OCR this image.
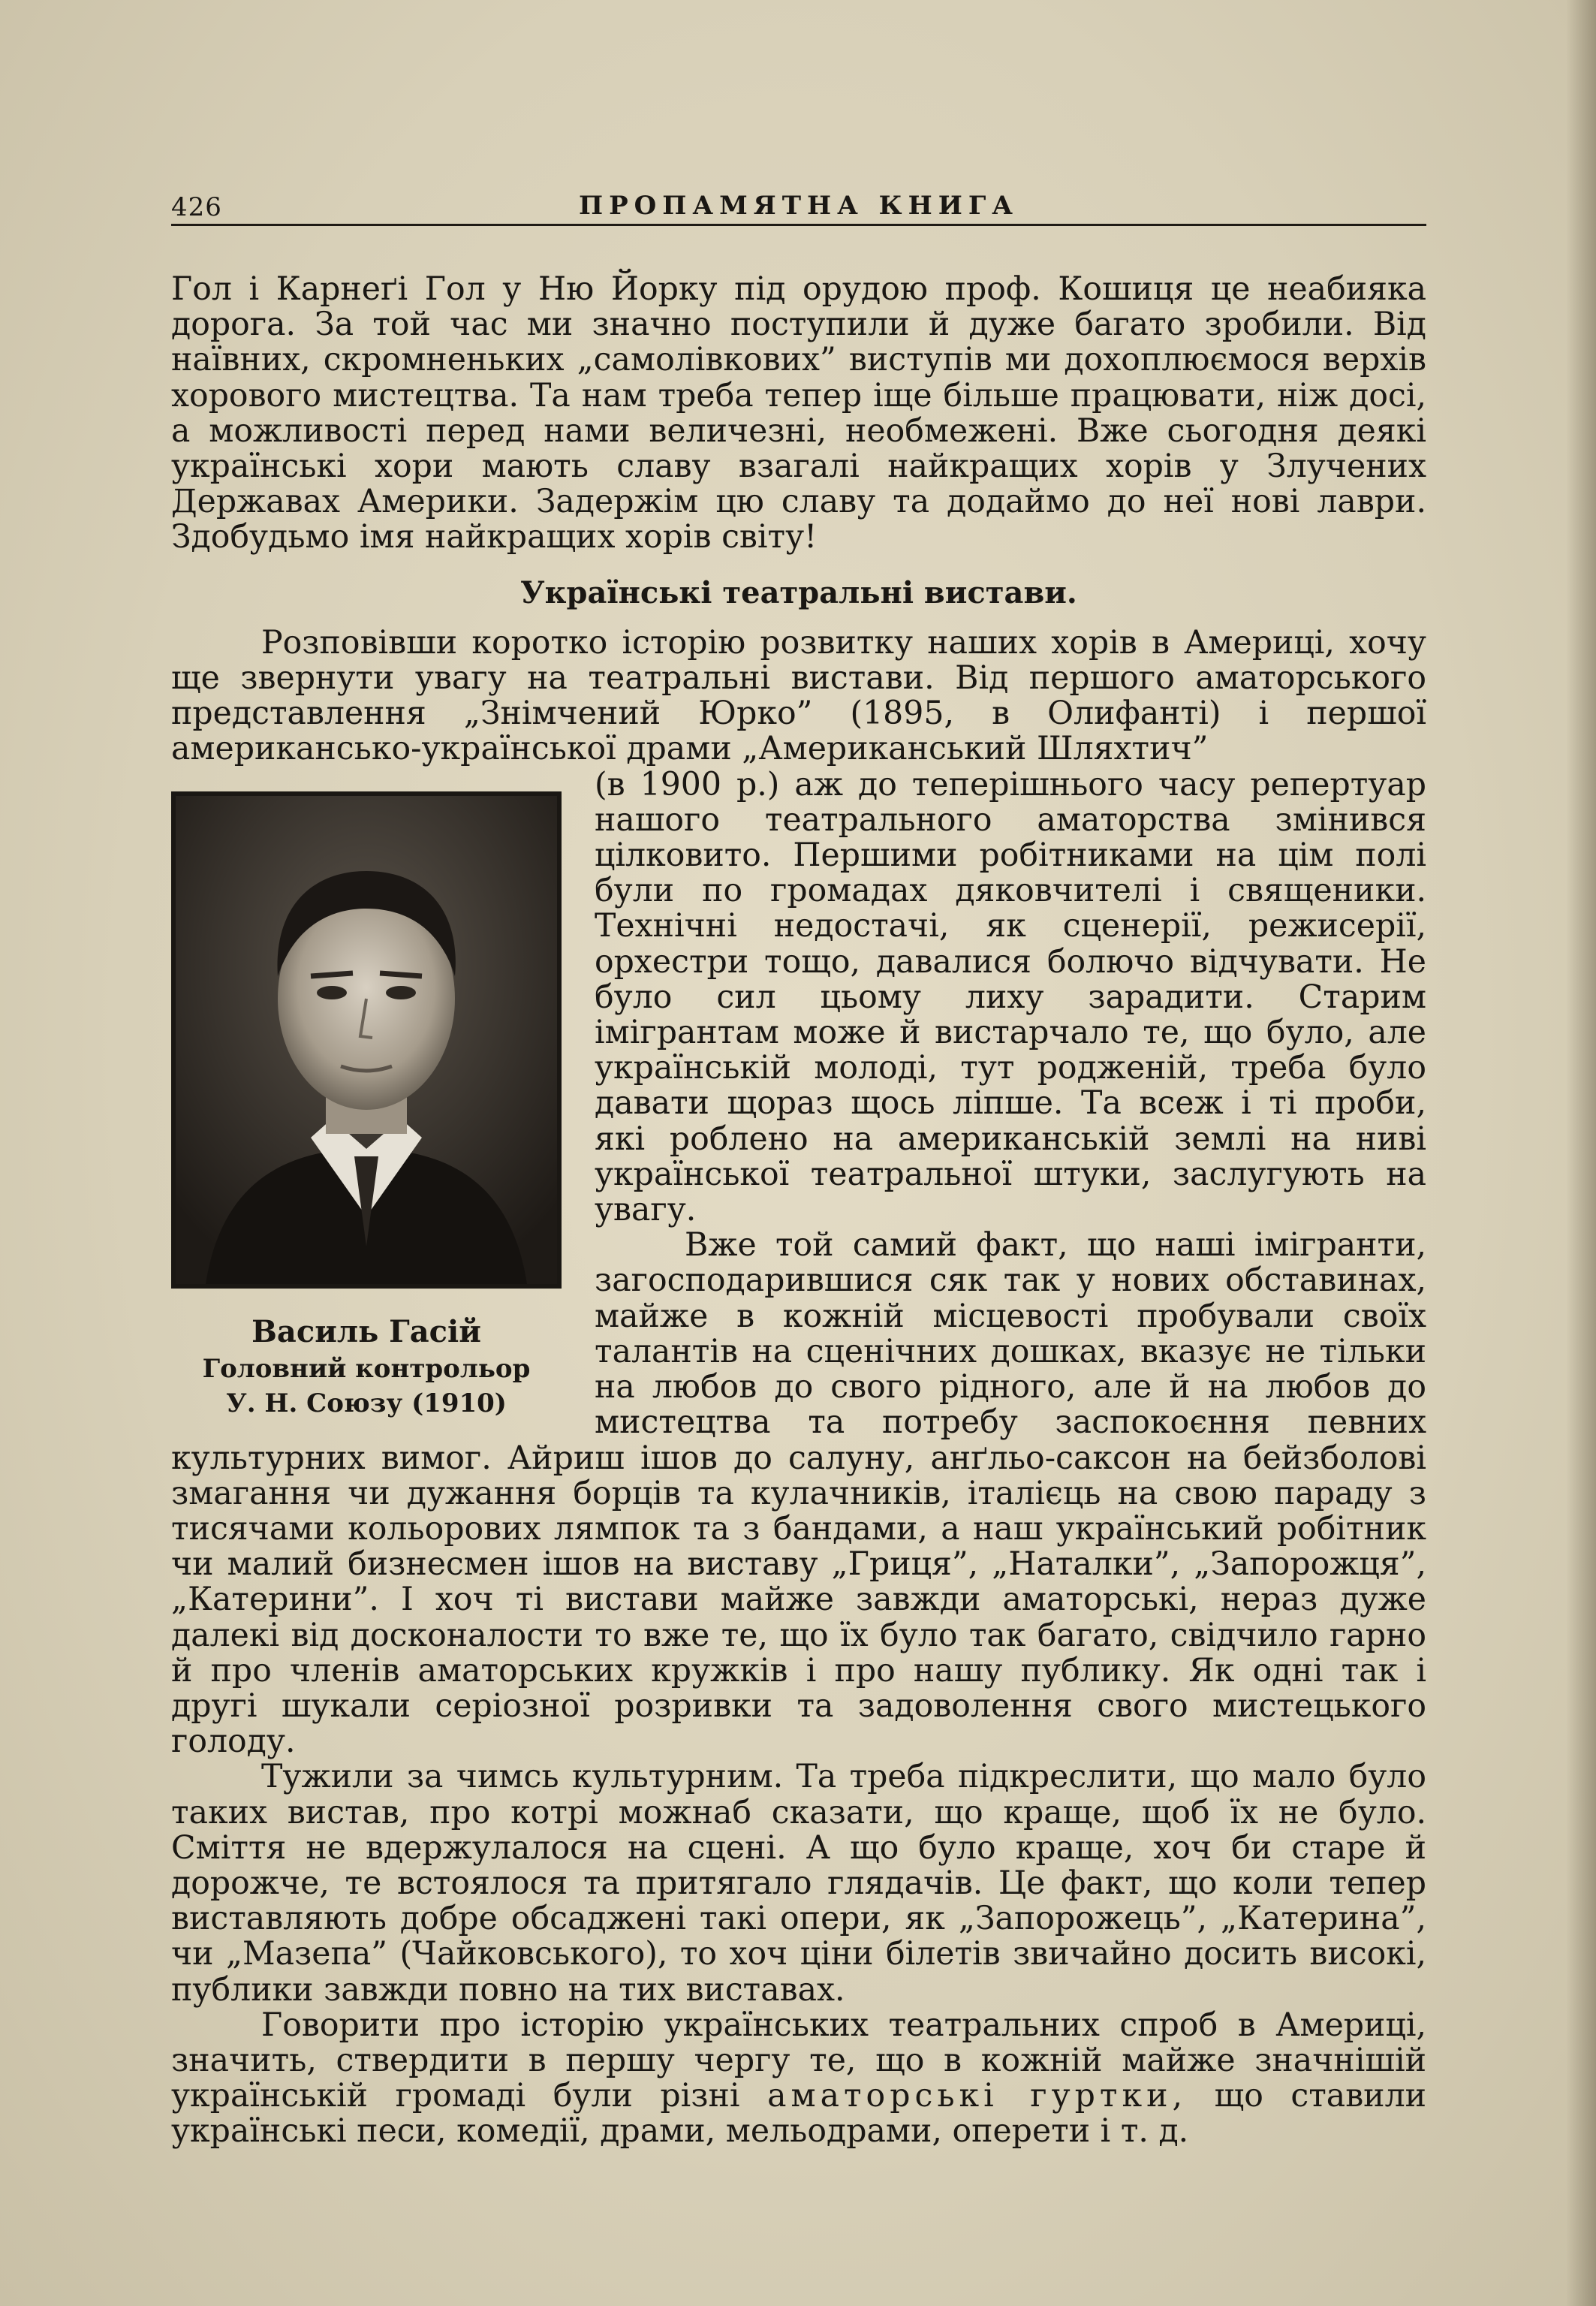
426	ПРОПАМЯТНА КНИГА

Гол і Карнеґі Гол у Ню Йорку під орудою проф. Кошиця це неабияка дорога. За той час ми значно поступили й дуже багато зробили. Від наївних, скромненьких „самолівкових” виступів ми дохоплюємося верхів хорового мистецтва. Та нам треба тепер іще більше працювати, ніж досі, а можливості перед нами величезні, необмежені. Вже сьогодня деякі українські хори мають славу взагалі найкращих хорів у Злучених Державах Америки. Задержім цю славу та додаймо до неї нові лаври. Здобудьмо імя найкращих хорів світу!

Українські театральні вистави.

Розповівши коротко історію розвитку наших хорів в Америці, хочу ще звернути увагу на театральні вистави. Від першого аматорського представлення „Знімчений Юрко” (1895, в Олифанті) і першої американсько-української драми „Американський Шляхтич”

Василь Гасій
Головний контрольор
У. Н. Союзу (1910)

(в 1900 р.) аж до теперішнього часу репертуар нашого театрального аматорства змінився цілковито. Першими робітниками на цім полі були по громадах дяковчителі і священики. Технічні недостачі, як сценерії, режисерії, орхестри тощо, давалися болючо відчувати. Не було сил цьому лиху зарадити. Старим імігрантам може й вистарчало те, що було, але українській молоді, тут родженій, треба було давати щораз щось ліпше. Та всеж і ті проби, які роблено на американській землі на ниві української театральної штуки, заслугують на увагу.

Вже той самий факт, що наші імігранти, загосподарившися сяк так у нових обставинах, майже в кожній місцевості пробували своїх талантів на сценічних дошках, вказує не тільки на любов до свого рідного, але й на любов до мистецтва та потребу заспокоєння певних культурних вимог. Айриш ішов до салуну, анґльо-саксон на бейзболові змагання чи дужання борців та кулачників, італієць на свою параду з тисячами кольорових лямпок та з бандами, а наш український робітник чи малий бизнесмен ішов на виставу „Гриця”, „Наталки”, „Запорожця”, „Катерини”. І хоч ті вистави майже завжди аматорські, нераз дуже далекі від досконалости то вже те, що їх було так багато, свідчило гарно й про членів аматорських кружків і про нашу публику. Як одні так і другі шукали серіозної розривки та задоволення свого мистецького голоду.

Тужили за чимсь культурним. Та треба підкреслити, що мало було таких вистав, про котрі можнаб сказати, що краще, щоб їх не було. Сміття не вдержулалося на сцені. А що було краще, хоч би старе й дорожче, те встоялося та притягало глядачів. Це факт, що коли тепер виставляють добре обсаджені такі опери, як „Запорожець”, „Катерина”, чи „Мазепа” (Чайковського), то хоч ціни білетів звичайно досить високі, публики завжди повно на тих виставах.

Говорити про історію українських театральних спроб в Америці, значить, ствердити в першу чергу те, що в кожній майже значнішій українській громаді були різні аматорські гуртки, що ставили українські песи, комедії, драми, мельодрами, оперети і т. д.
